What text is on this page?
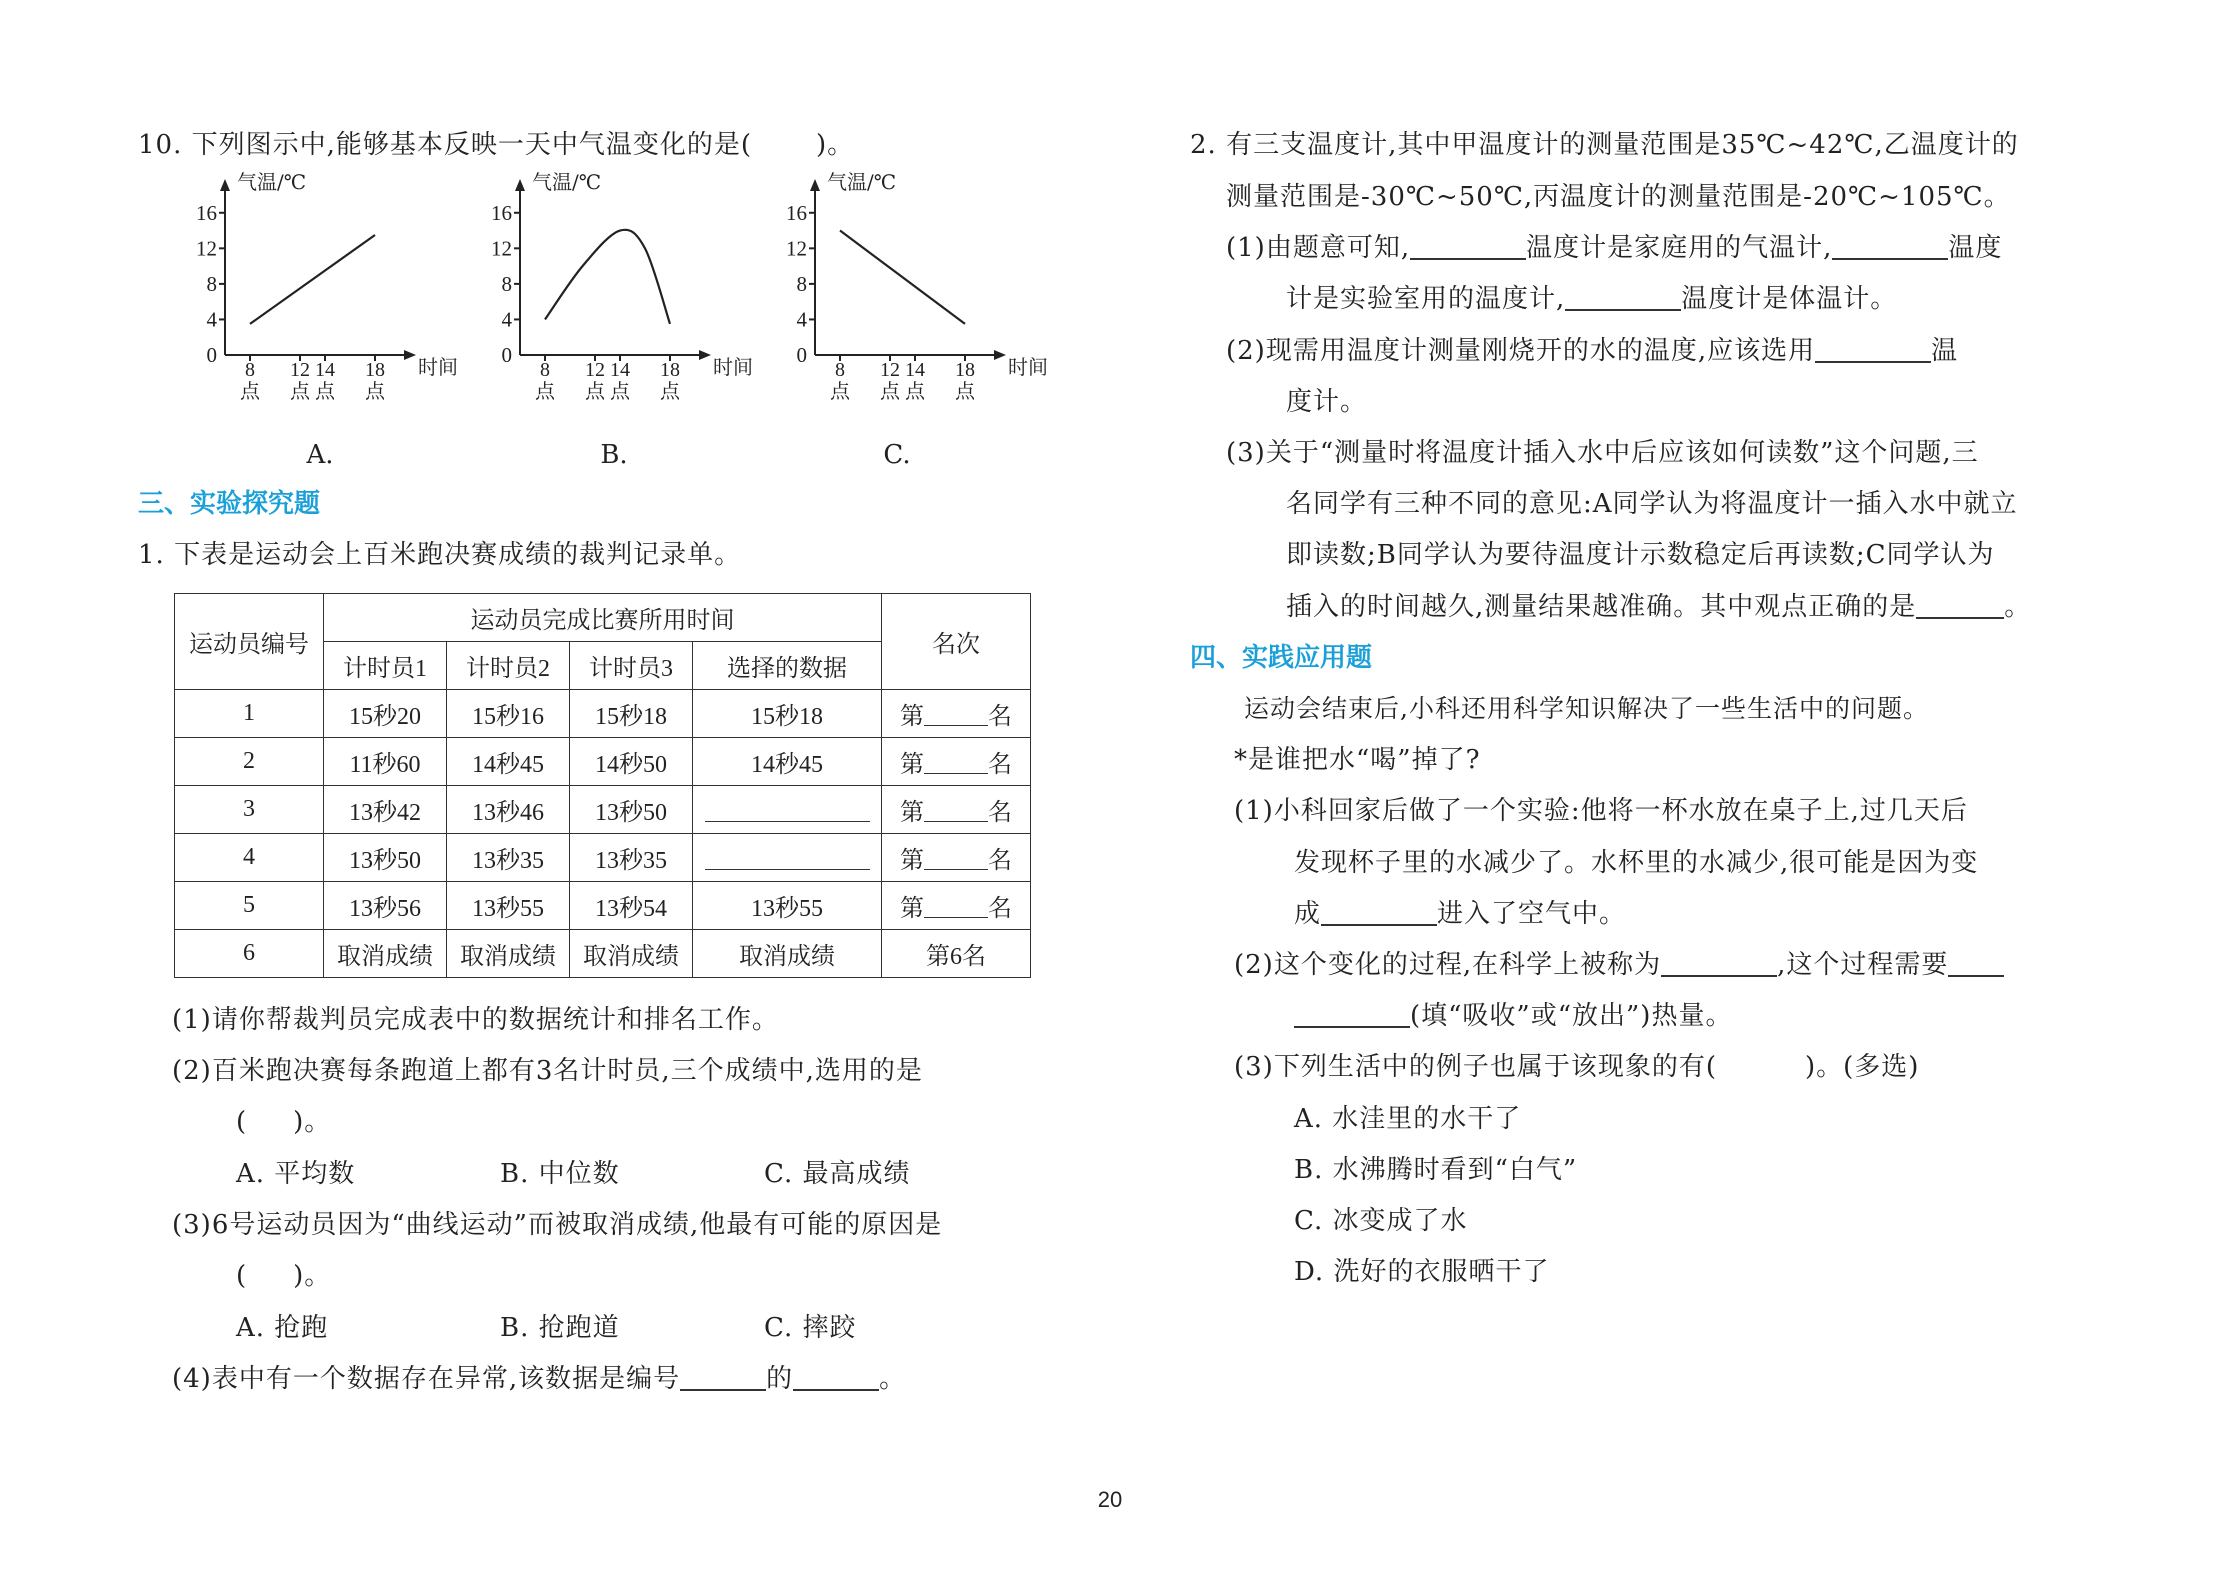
10. 下列图示中,能够基本反映一天中气温变化的是( )。
气温/℃
时间
0
4
8
12
16
8
点
12
点
14
点
18
点
A.
气温/℃
时间
0
4
8
12
16
8
点
12
点
14
点
18
点
B.
气温/℃
时间
0
4
8
12
16
8
点
12
点
14
点
18
点
C.
三、实验探究题
1. 下表是运动会上百米跑决赛成绩的裁判记录单。
运动员编号	运动员完成比赛所用时间				名次
	计时员1	计时员2	计时员3	选择的数据	
1	15秒20	15秒16	15秒18	15秒18	第 名
2	11秒60	14秒45	14秒50	14秒45	第 名
3	13秒42	13秒46	13秒50		第 名
4	13秒50	13秒35	13秒35		第 名
5	13秒56	13秒55	13秒54	13秒55	第 名
6	取消成绩	取消成绩	取消成绩	取消成绩	第6名
(1)请你帮裁判员完成表中的数据统计和排名工作。
(2)百米跑决赛每条跑道上都有3名计时员,三个成绩中,选用的是
( )。
A. 平均数	B. 中位数	C. 最高成绩
(3)6号运动员因为“曲线运动”而被取消成绩,他最有可能的原因是
( )。
A. 抢跑	B. 抢跑道	C. 摔跤
(4)表中有一个数据存在异常,该数据是编号	的	。
2. 有三支温度计,其中甲温度计的测量范围是35℃~42℃,乙温度计的
测量范围是-30℃~50℃,丙温度计的测量范围是-20℃~105℃。
(1)由题意可知,	温度计是家庭用的气温计,	温度
计是实验室用的温度计,	温度计是体温计。
(2)现需用温度计测量刚烧开的水的温度,应该选用	温
度计。
(3)关于“测量时将温度计插入水中后应该如何读数”这个问题,三
名同学有三种不同的意见:A同学认为将温度计一插入水中就立
即读数;B同学认为要待温度计示数稳定后再读数;C同学认为
插入的时间越久,测量结果越准确。其中观点正确的是	。
四、实践应用题
运动会结束后,小科还用科学知识解决了一些生活中的问题。
*是谁把水“喝”掉了?
(1)小科回家后做了一个实验:他将一杯水放在桌子上,过几天后
发现杯子里的水减少了。水杯里的水减少,很可能是因为变
成	进入了空气中。
(2)这个变化的过程,在科学上被称为	,这个过程需要
(填“吸收”或“放出”)热量。
(3)下列生活中的例子也属于该现象的有(	)。(多选)
A. 水洼里的水干了
B. 水沸腾时看到“白气”
C. 冰变成了水
D. 洗好的衣服晒干了
20
